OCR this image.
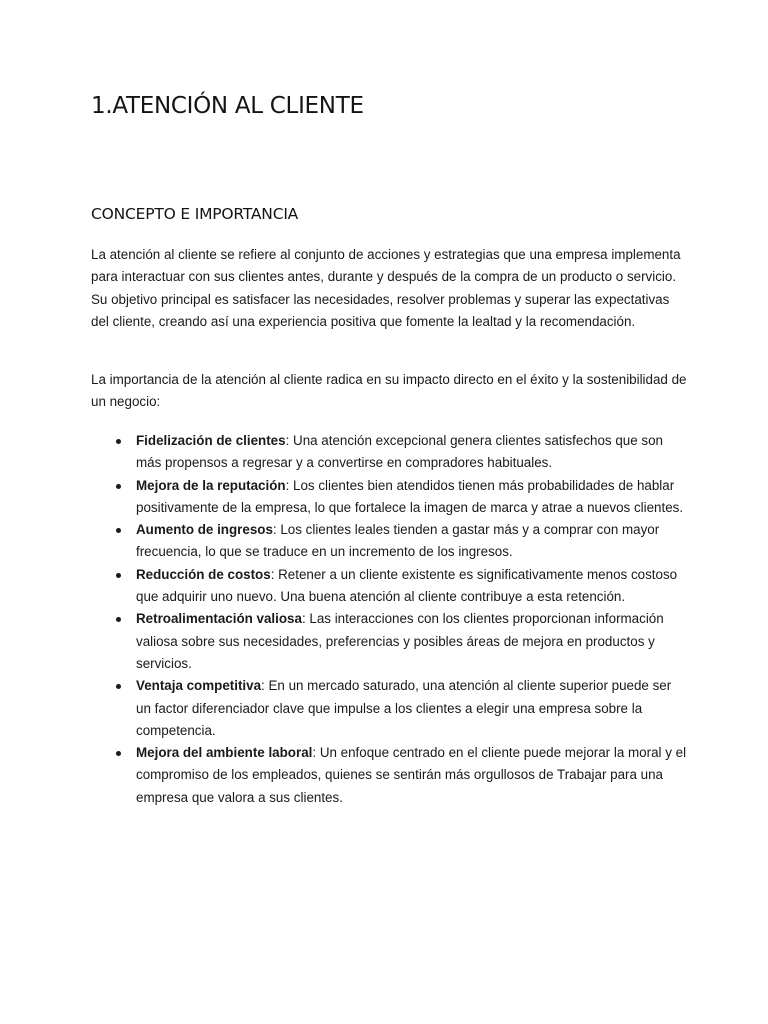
1.ATENCIÓN AL CLIENTE
CONCEPTO E IMPORTANCIA

La atención al cliente se refiere al conjunto de acciones y estrategias que una empresa implementa para interactuar con sus clientes antes, durante y después de la compra de un producto o servicio. Su objetivo principal es satisfacer las necesidades, resolver problemas y superar las expectativas del cliente, creando así una experiencia positiva que fomente la lealtad y la recomendación.

La importancia de la atención al cliente radica en su impacto directo en el éxito y la sostenibilidad de un negocio:

Fidelización de clientes: Una atención excepcional genera clientes satisfechos que son más propensos a regresar y a convertirse en compradores habituales.
Mejora de la reputación: Los clientes bien atendidos tienen más probabilidades de hablar positivamente de la empresa, lo que fortalece la imagen de marca y atrae a nuevos clientes.
Aumento de ingresos: Los clientes leales tienden a gastar más y a comprar con mayor frecuencia, lo que se traduce en un incremento de los ingresos.
Reducción de costos: Retener a un cliente existente es significativamente menos costoso que adquirir uno nuevo. Una buena atención al cliente contribuye a esta retención.
Retroalimentación valiosa: Las interacciones con los clientes proporcionan información valiosa sobre sus necesidades, preferencias y posibles áreas de mejora en productos y servicios.
Ventaja competitiva: En un mercado saturado, una atención al cliente superior puede ser un factor diferenciador clave que impulse a los clientes a elegir una empresa sobre la competencia.
Mejora del ambiente laboral: Un enfoque centrado en el cliente puede mejorar la moral y el compromiso de los empleados, quienes se sentirán más orgullosos de Trabajar para una empresa que valora a sus clientes.
